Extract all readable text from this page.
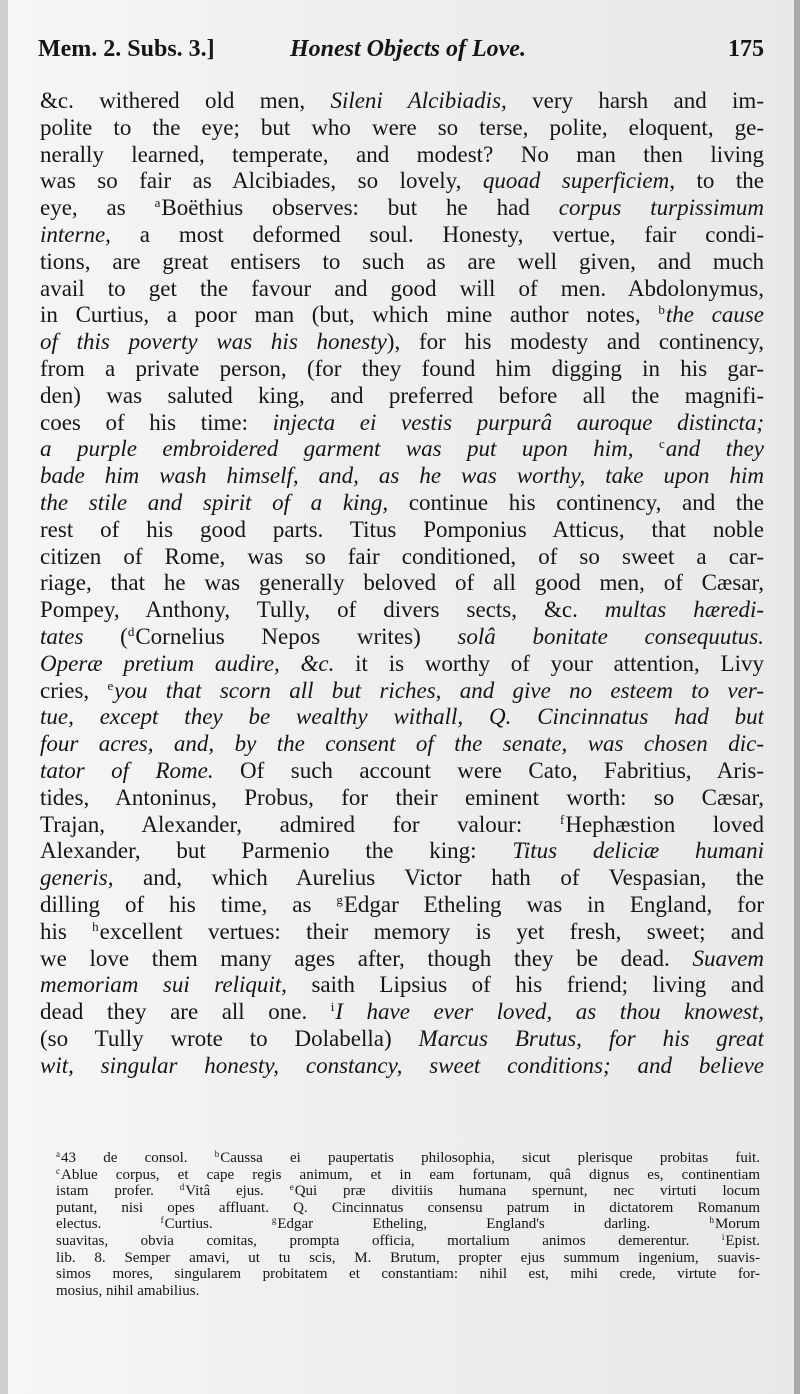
Mem. 2. Subs. 3.]	Honest Objects of Love.	175
&c. withered old men, Sileni Alcibiadis, very harsh and im-
polite to the eye; but who were so terse, polite, eloquent, ge-
nerally learned, temperate, and modest? No man then living
was so fair as Alcibiades, so lovely, quoad superficiem, to the
eye, as $^a$Boëthius observes: but he had corpus turpissimum
interne, a most deformed soul. Honesty, vertue, fair condi-
tions, are great entisers to such as are well given, and much
avail to get the favour and good will of men. Abdolonymus,
in Curtius, a poor man (but, which mine author notes, $^b$the cause
of this poverty was his honesty), for his modesty and continency,
from a private person, (for they found him digging in his gar-
den) was saluted king, and preferred before all the magnifi-
coes of his time: injecta ei vestis purpurâ auroque distincta;
a purple embroidered garment was put upon him, $^c$and they
bade him wash himself, and, as he was worthy, take upon him
the stile and spirit of a king, continue his continency, and the
rest of his good parts. Titus Pomponius Atticus, that noble
citizen of Rome, was so fair conditioned, of so sweet a car-
riage, that he was generally beloved of all good men, of Cæsar,
Pompey, Anthony, Tully, of divers sects, &c. multas hæredi-
tates ($^d$Cornelius Nepos writes) solâ bonitate consequutus.
Operæ pretium audire, &c. it is worthy of your attention, Livy
cries, $^e$you that scorn all but riches, and give no esteem to ver-
tue, except they be wealthy withall, Q. Cincinnatus had but
four acres, and, by the consent of the senate, was chosen dic-
tator of Rome. Of such account were Cato, Fabritius, Aris-
tides, Antoninus, Probus, for their eminent worth: so Cæsar,
Trajan, Alexander, admired for valour: $^f$Hephæstion loved
Alexander, but Parmenio the king: Titus deliciæ humani
generis, and, which Aurelius Victor hath of Vespasian, the
dilling of his time, as $^g$Edgar Etheling was in England, for
his $^h$excellent vertues: their memory is yet fresh, sweet; and
we love them many ages after, though they be dead. Suavem
memoriam sui reliquit, saith Lipsius of his friend; living and
dead they are all one. $^i$I have ever loved, as thou knowest,
(so Tully wrote to Dolabella) Marcus Brutus, for his great
wit, singular honesty, constancy, sweet conditions; and believe
$^a$43 de consol. $^b$Caussa ei paupertatis philosophia, sicut plerisque probitas fuit.
$^c$Ablue corpus, et cape regis animum, et in eam fortunam, quâ dignus es, continentiam
istam profer. $^d$Vitâ ejus. $^e$Qui præ divitiis humana spernunt, nec virtuti locum
putant, nisi opes affluant. Q. Cincinnatus consensu patrum in dictatorem Romanum
electus. $^f$Curtius. $^g$Edgar Etheling, England's darling. $^h$Morum
suavitas, obvia comitas, prompta officia, mortalium animos demerentur. $^i$Epist.
lib. 8. Semper amavi, ut tu scis, M. Brutum, propter ejus summum ingenium, suavis-
simos mores, singularem probitatem et constantiam: nihil est, mihi crede, virtute for-
mosius, nihil amabilius.
